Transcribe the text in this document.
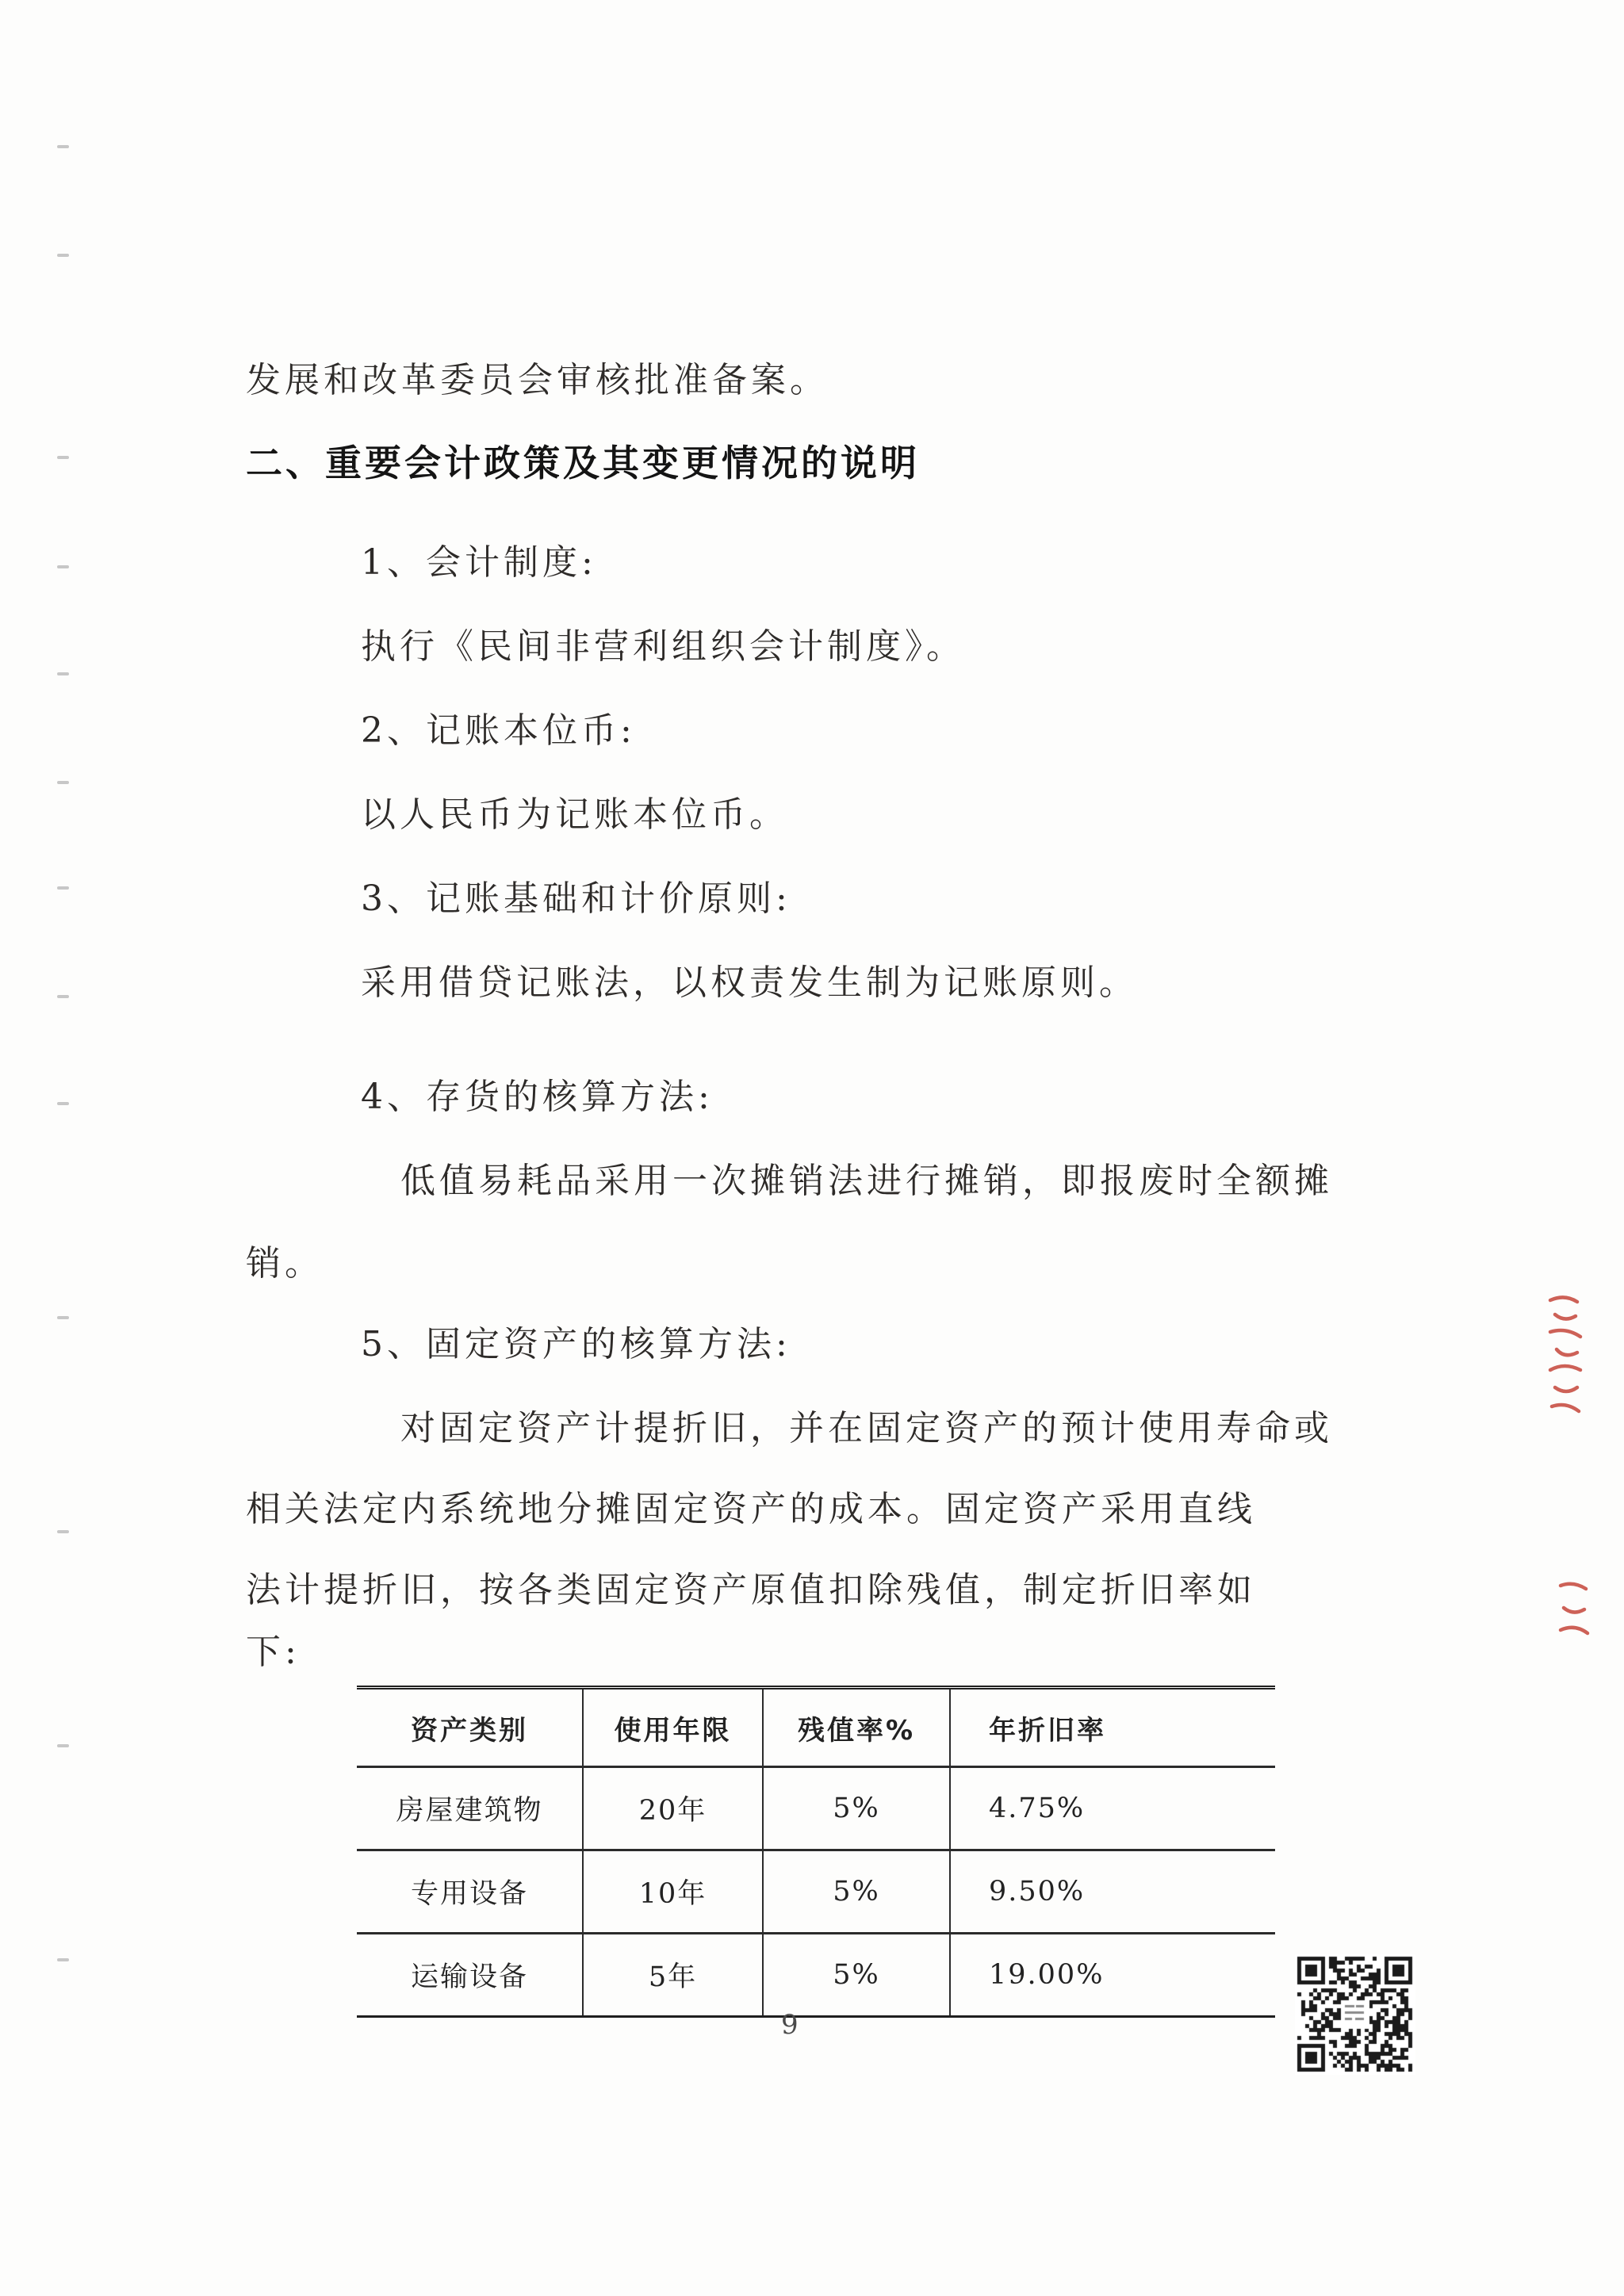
发展和改革委员会审核批准备案。
二、重要会计政策及其变更情况的说明
1、会计制度:
执行《民间非营利组织会计制度》。
2、记账本位币:
以人民币为记账本位币。
3、记账基础和计价原则:
采用借贷记账法，以权责发生制为记账原则。
4、存货的核算方法:
低值易耗品采用一次摊销法进行摊销，即报废时全额摊
销。
5、固定资产的核算方法:
对固定资产计提折旧，并在固定资产的预计使用寿命或
相关法定内系统地分摊固定资产的成本。固定资产采用直线
法计提折旧，按各类固定资产原值扣除残值，制定折旧率如
下:
资产类别	使用年限	残值率%	年折旧率
房屋建筑物	20年	5%	4.75%
专用设备	10年	5%	9.50%
运输设备	5年	5%	19.00%
9
